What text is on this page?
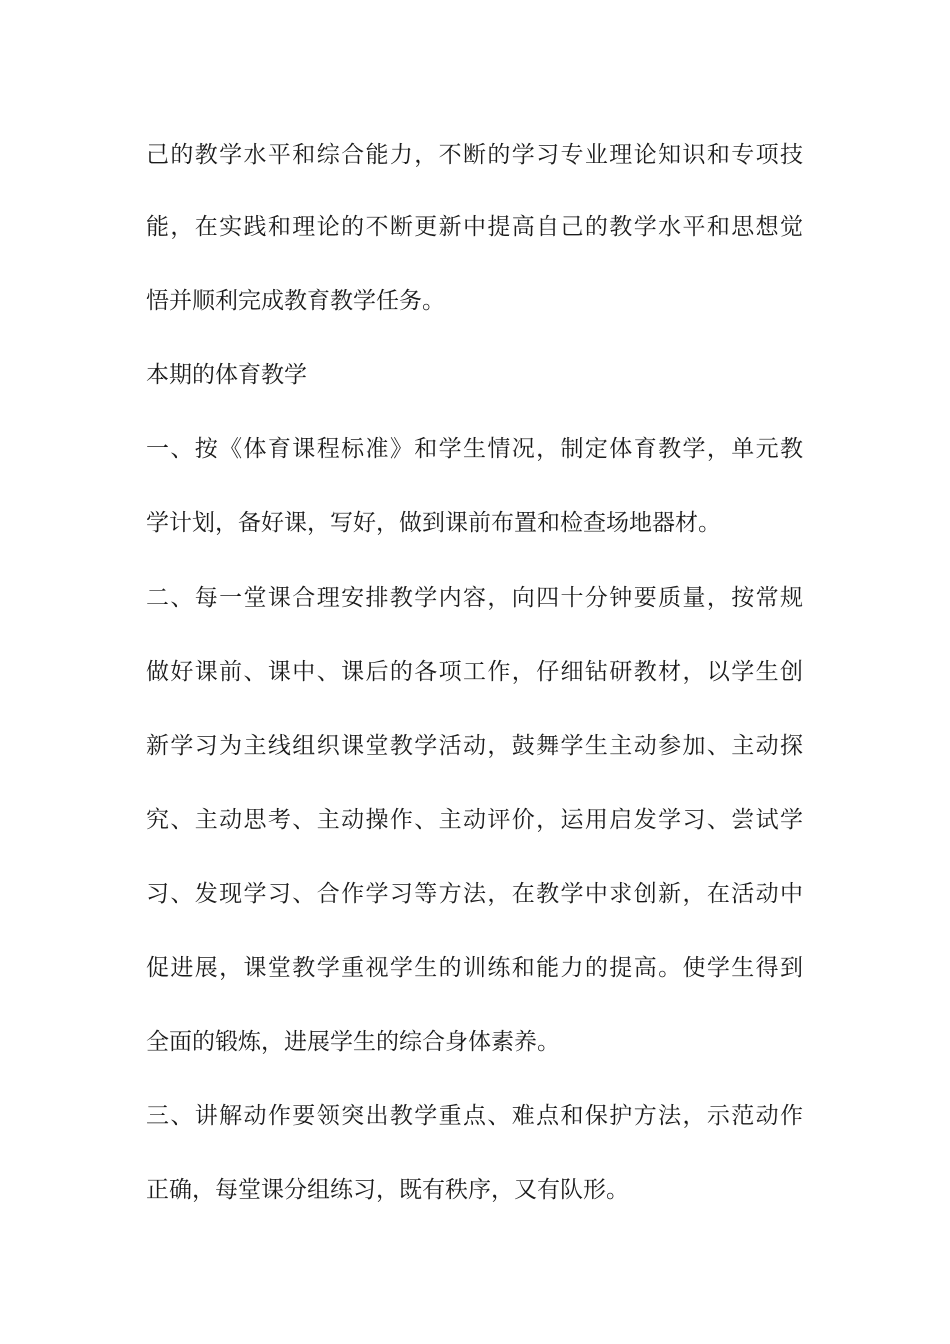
己的教学水平和综合能力，不断的学习专业理论知识和专项技
能，在实践和理论的不断更新中提高自己的教学水平和思想觉
悟并顺利完成教育教学任务。
本期的体育教学
一、按《体育课程标准》和学生情况，制定体育教学，单元教
学计划，备好课，写好，做到课前布置和检查场地器材。
二、每一堂课合理安排教学内容，向四十分钟要质量，按常规
做好课前、课中、课后的各项工作，仔细钻研教材，以学生创
新学习为主线组织课堂教学活动，鼓舞学生主动参加、主动探
究、主动思考、主动操作、主动评价，运用启发学习、尝试学
习、发现学习、合作学习等方法，在教学中求创新，在活动中
促进展，课堂教学重视学生的训练和能力的提高。使学生得到
全面的锻炼，进展学生的综合身体素养。
三、讲解动作要领突出教学重点、难点和保护方法，示范动作
正确，每堂课分组练习，既有秩序，又有队形。
